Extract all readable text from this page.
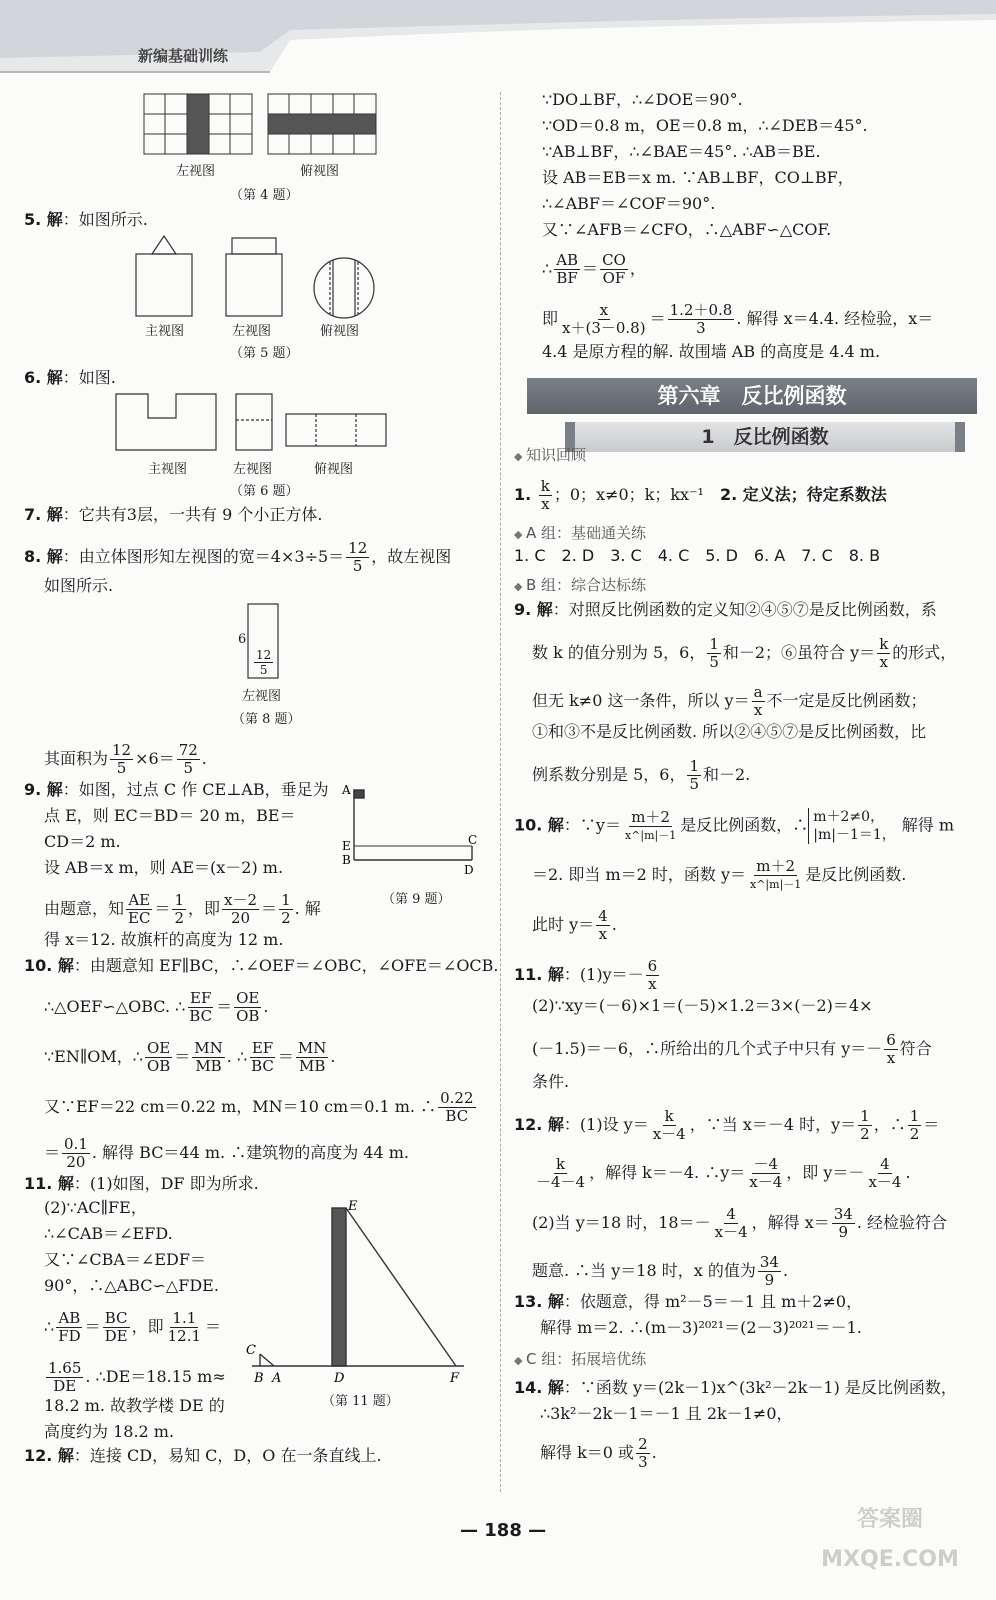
新编基础训练
左视图	俯视图
（第 4 题）
5. 解：如图所示.
主视图	左视图	俯视图
（第 5 题）
6. 解：如图.
主视图	左视图	俯视图
（第 6 题）
7. 解：它共有3层，一共有 9 个小正方体.
8. 解：由立体图形知左视图的宽$=4\times 3\div 5= \frac{12}{5}$ ，故左视图
如图所示.
6
$\frac{12}{5}$
左视图
（第 8 题）
其面积为 $\frac{12}{5} \times 6= \frac{72}{5}$ .
9. 解：如图，过点 C 作 CE⊥AB，垂足为
点 E，则 EC＝BD＝ 20 m，BE＝
CD＝2 m.
设 AB＝x m，则 AE＝(x－2) m.
由题意，知 $\frac{AE}{EC} = \frac{1}{2}$ ，即 $\frac{x-2}{20} = \frac{1}{2}$ . 解
得 x＝12. 故旗杆的高度为 12 m.
A
E
B
C
D
（第 9 题）
10. 解：由题意知 EF∥BC，∴∠OEF＝∠OBC，∠OFE＝∠OCB.
∴△OEF∽△OBC. ∴ $\frac{EF}{BC} = \frac{OE}{OB}$ .
∵EN∥OM，∴ $\frac{OE}{OB} = \frac{MN}{MB}$ . ∴ $\frac{EF}{BC} = \frac{MN}{MB}$ .
又∵EF＝22 cm＝0.22 m，MN＝10 cm＝0.1 m. ∴ $\frac{0.22}{BC}$
＝ $\frac{0.1}{20}$ . 解得 BC＝44 m. ∴建筑物的高度为 44 m.
11. 解：(1)如图，DF 即为所求.
(2)∵AC∥FE，
∴∠CAB＝∠EFD.
又∵∠CBA＝∠EDF＝
90°，∴△ABC∽△FDE.
∴ $\frac{AB}{FD} = \frac{BC}{DE}$ ，即 $\frac{1.1}{12.1}$ ＝
$\frac{1.65}{DE}$ . ∴DE＝18.15 m≈
18.2 m. 故教学楼 DE 的
高度约为 18.2 m.
E
C
B A	D	F
（第 11 题）
12. 解：连接 CD，易知 C，D，O 在一条直线上.
∵DO⊥BF，∴∠DOE＝90°.
∵OD＝0.8 m，OE＝0.8 m，∴∠DEB＝45°.
∵AB⊥BF，∴∠BAE＝45°. ∴AB＝BE.
设 AB＝EB＝x m. ∵AB⊥BF，CO⊥BF，
∴∠ABF＝∠COF＝90°.
又∵∠AFB＝∠CFO，∴△ABF∽△COF.
∴ $\frac{AB}{BF} = \frac{CO}{OF}$ ，
即 $\frac{x}{x+(3-0.8)} = \frac{1.2+0.8}{3}$ . 解得 x＝4.4. 经检验，x＝
4.4 是原方程的解. 故围墙 AB 的高度是 4.4 m.
第六章　反比例函数
1　反比例函数
◆ 知识回顾
1. $\frac{k}{x}$ ；0；x≠0；k；kx⁻¹　2. 定义法；待定系数法
◆ A 组：基础通关练
1. C　2. D　3. C　4. C　5. D　6. A　7. C　8. B
◆ B 组：综合达标练
9. 解：对照反比例函数的定义知②④⑤⑦是反比例函数，系
数 k 的值分别为 5，6， $\frac{1}{5}$ 和－2；⑥虽符合 $y= \frac{k}{x}$ 的形式，
但无 k≠0 这一条件，所以 $y= \frac{a}{x}$ 不一定是反比例函数；
①和③不是反比例函数. 所以②④⑤⑦是反比例函数，比
例系数分别是 5，6， $\frac{1}{5}$ 和－2.
10. 解：∵y＝ $\frac{m+2}{x\^{}|m|-1}$ 是反比例函数，∴ m＋2≠0，
|m|－1＝1，
解得 m
＝2. 即当 m＝2 时，函数 $y= \frac{m+2}{x\^{}|m|-1}$ 是反比例函数.
此时 $y= \frac{4}{x}$ .
11. 解：$(1)y=- \frac{6}{x}$
(2)∵xy＝(－6)×1＝(－5)×1.2＝3×(－2)＝4×
(－1.5)＝－6，∴所给出的几个式子中只有 $y=- \frac{6}{x}$ 符合
条件.
12. 解：(1)设 $y= \frac{k}{x-4}$ ，∵当 x＝－4 时，$y= \frac{1}{2}$ ，∴ $\frac{1}{2}$ ＝
$\frac{k}{-4-4}$ ，解得 k＝－4. ∴y＝ $\frac{-4}{x-4}$ ，即 $y=- \frac{4}{x-4}$ .
(2)当 y＝18 时，$18=- \frac{4}{x-4}$ ，解得 $x= \frac{34}{9}$ . 经检验符合
题意. ∴当 y＝18 时，x 的值为 $\frac{34}{9}$ .
13. 解：依题意，得 m²－5＝－1 且 m＋2≠0，
解得 m＝2. ∴(m－3)²⁰²¹＝(2－3)²⁰²¹＝－1.
◆ C 组：拓展培优练
14. 解：∵函数 y＝(2k－1)x^(3k²－2k－1) 是反比例函数，
∴3k²－2k－1＝－1 且 2k－1≠0，
解得 k＝0 或 $\frac{2}{3}$ .
— 188 —	答案圈 MXQE.COM
